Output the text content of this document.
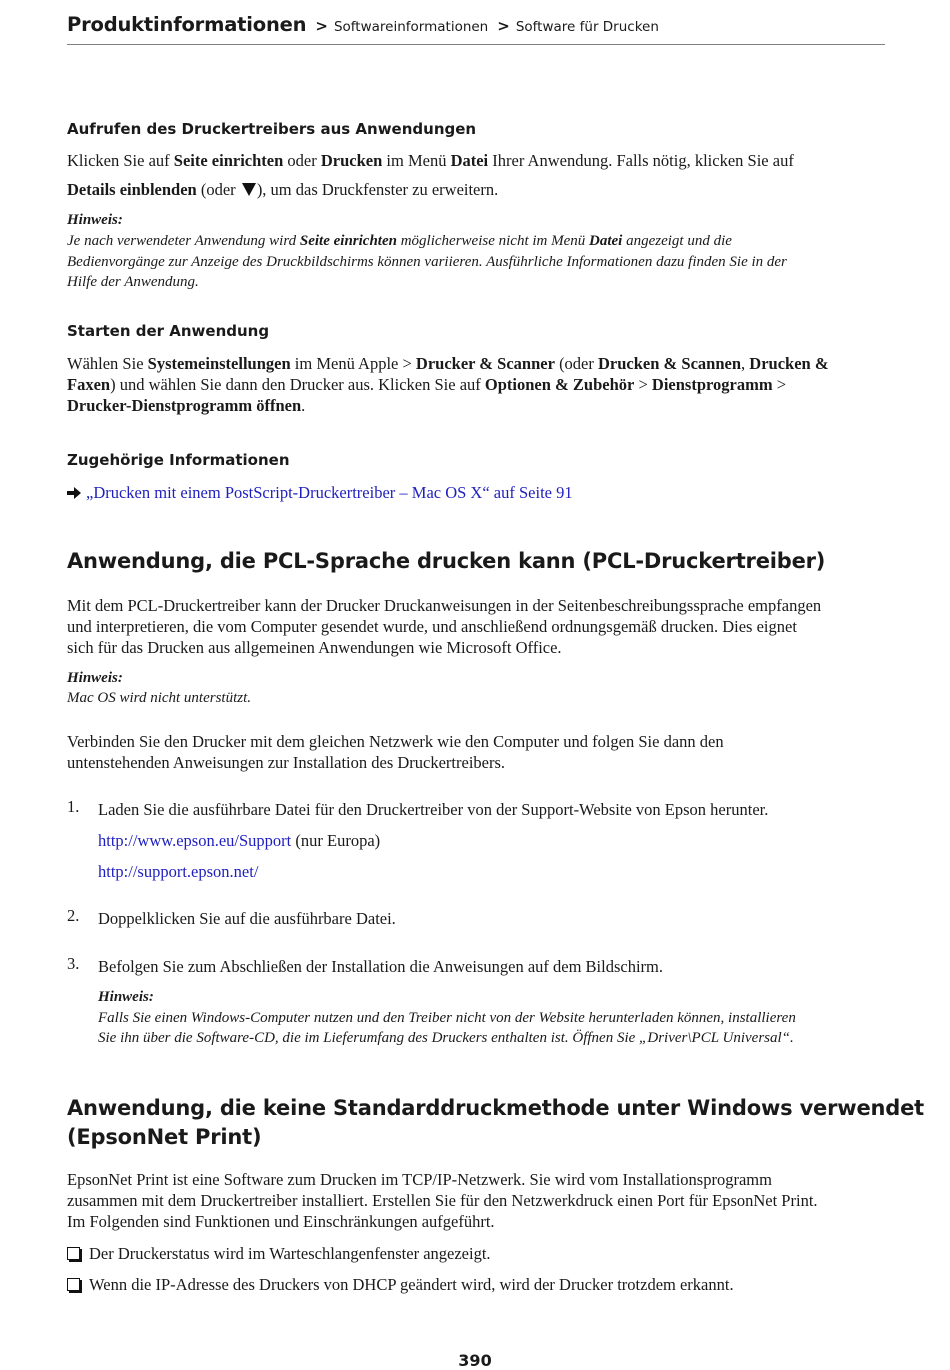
Produktinformationen > Softwareinformationen > Software für Drucken
Aufrufen des Druckertreibers aus Anwendungen
Klicken Sie auf Seite einrichten oder Drucken im Menü Datei Ihrer Anwendung. Falls nötig, klicken Sie auf
Details einblenden (oder ), um das Druckfenster zu erweitern.
Hinweis:
Je nach verwendeter Anwendung wird Seite einrichten möglicherweise nicht im Menü Datei angezeigt und die
Bedienvorgänge zur Anzeige des Druckbildschirms können variieren. Ausführliche Informationen dazu finden Sie in der
Hilfe der Anwendung.
Starten der Anwendung
Wählen Sie Systemeinstellungen im Menü Apple > Drucker & Scanner (oder Drucken & Scannen, Drucken &
Faxen) und wählen Sie dann den Drucker aus. Klicken Sie auf Optionen & Zubehör > Dienstprogramm >
Drucker-Dienstprogramm öffnen.
Zugehörige Informationen
„Drucken mit einem PostScript-Druckertreiber – Mac OS X“ auf Seite 91
Anwendung, die PCL-Sprache drucken kann (PCL-Druckertreiber)
Mit dem PCL-Druckertreiber kann der Drucker Druckanweisungen in der Seitenbeschreibungssprache empfangen
und interpretieren, die vom Computer gesendet wurde, und anschließend ordnungsgemäß drucken. Dies eignet
sich für das Drucken aus allgemeinen Anwendungen wie Microsoft Office.
Hinweis:
Mac OS wird nicht unterstützt.
Verbinden Sie den Drucker mit dem gleichen Netzwerk wie den Computer und folgen Sie dann den
untenstehenden Anweisungen zur Installation des Druckertreibers.
1. Laden Sie die ausführbare Datei für den Druckertreiber von der Support-Website von Epson herunter.
http://www.epson.eu/Support (nur Europa)
http://support.epson.net/
2. Doppelklicken Sie auf die ausführbare Datei.
3. Befolgen Sie zum Abschließen der Installation die Anweisungen auf dem Bildschirm.
Hinweis:
Falls Sie einen Windows-Computer nutzen und den Treiber nicht von der Website herunterladen können, installieren
Sie ihn über die Software-CD, die im Lieferumfang des Druckers enthalten ist. Öffnen Sie „Driver\PCL Universal“.
Anwendung, die keine Standarddruckmethode unter Windows verwendet
(EpsonNet Print)
EpsonNet Print ist eine Software zum Drucken im TCP/IP-Netzwerk. Sie wird vom Installationsprogramm
zusammen mit dem Druckertreiber installiert. Erstellen Sie für den Netzwerkdruck einen Port für EpsonNet Print.
Im Folgenden sind Funktionen und Einschränkungen aufgeführt.
Der Druckerstatus wird im Warteschlangenfenster angezeigt.
Wenn die IP-Adresse des Druckers von DHCP geändert wird, wird der Drucker trotzdem erkannt.
390
